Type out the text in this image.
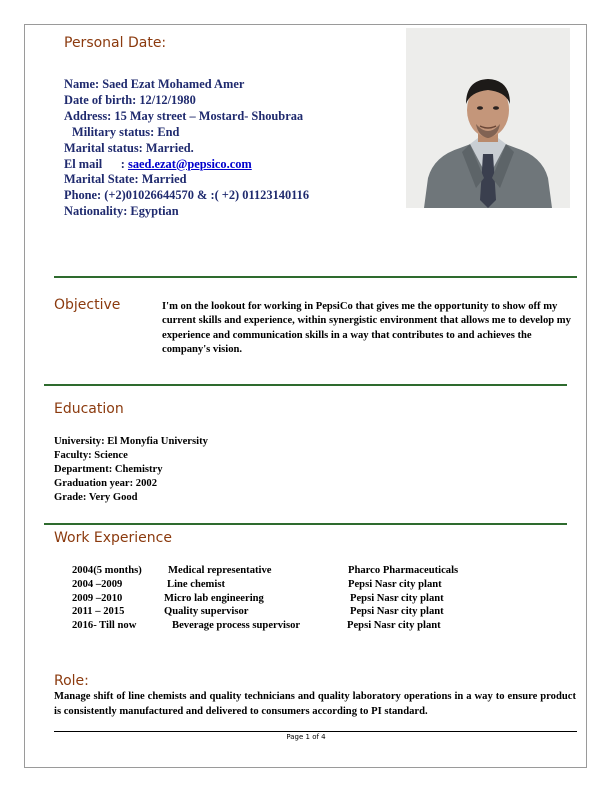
Personal Date:
Name: Saed Ezat Mohamed Amer
Date of birth: 12/12/1980
Address: 15 May street – Mostard- Shoubraa
Military status: End
Marital status: Married.
El mail      : saed.ezat@pepsico.com
Marital State: Married
Phone: (+2)01026644570 & :( +2) 01123140116
Nationality: Egyptian
Objective	I'm on the lookout for working in PepsiCo that gives me the opportunity to show off my current skills and experience, within synergistic environment that allows me to develop my experience and communication skills in a way that contributes to and achieves the company's vision.
Education
University: El Monyfia University
Faculty: Science
Department: Chemistry
Graduation year: 2002
Grade: Very Good
Work Experience
2004(5 months) Medical representative	Pharco Pharmaceuticals
2004 –2009	Line chemist	Pepsi Nasr city plant
2009 –2010	Micro lab engineering	Pepsi Nasr city plant
2011 – 2015	Quality supervisor	Pepsi Nasr city plant
2016- Till now	Beverage process supervisor	Pepsi Nasr city plant
Role:
Manage shift of line chemists and quality technicians and quality laboratory operations in a way to ensure product is consistently manufactured and delivered to consumers according to PI standard.
Page 1 of 4
